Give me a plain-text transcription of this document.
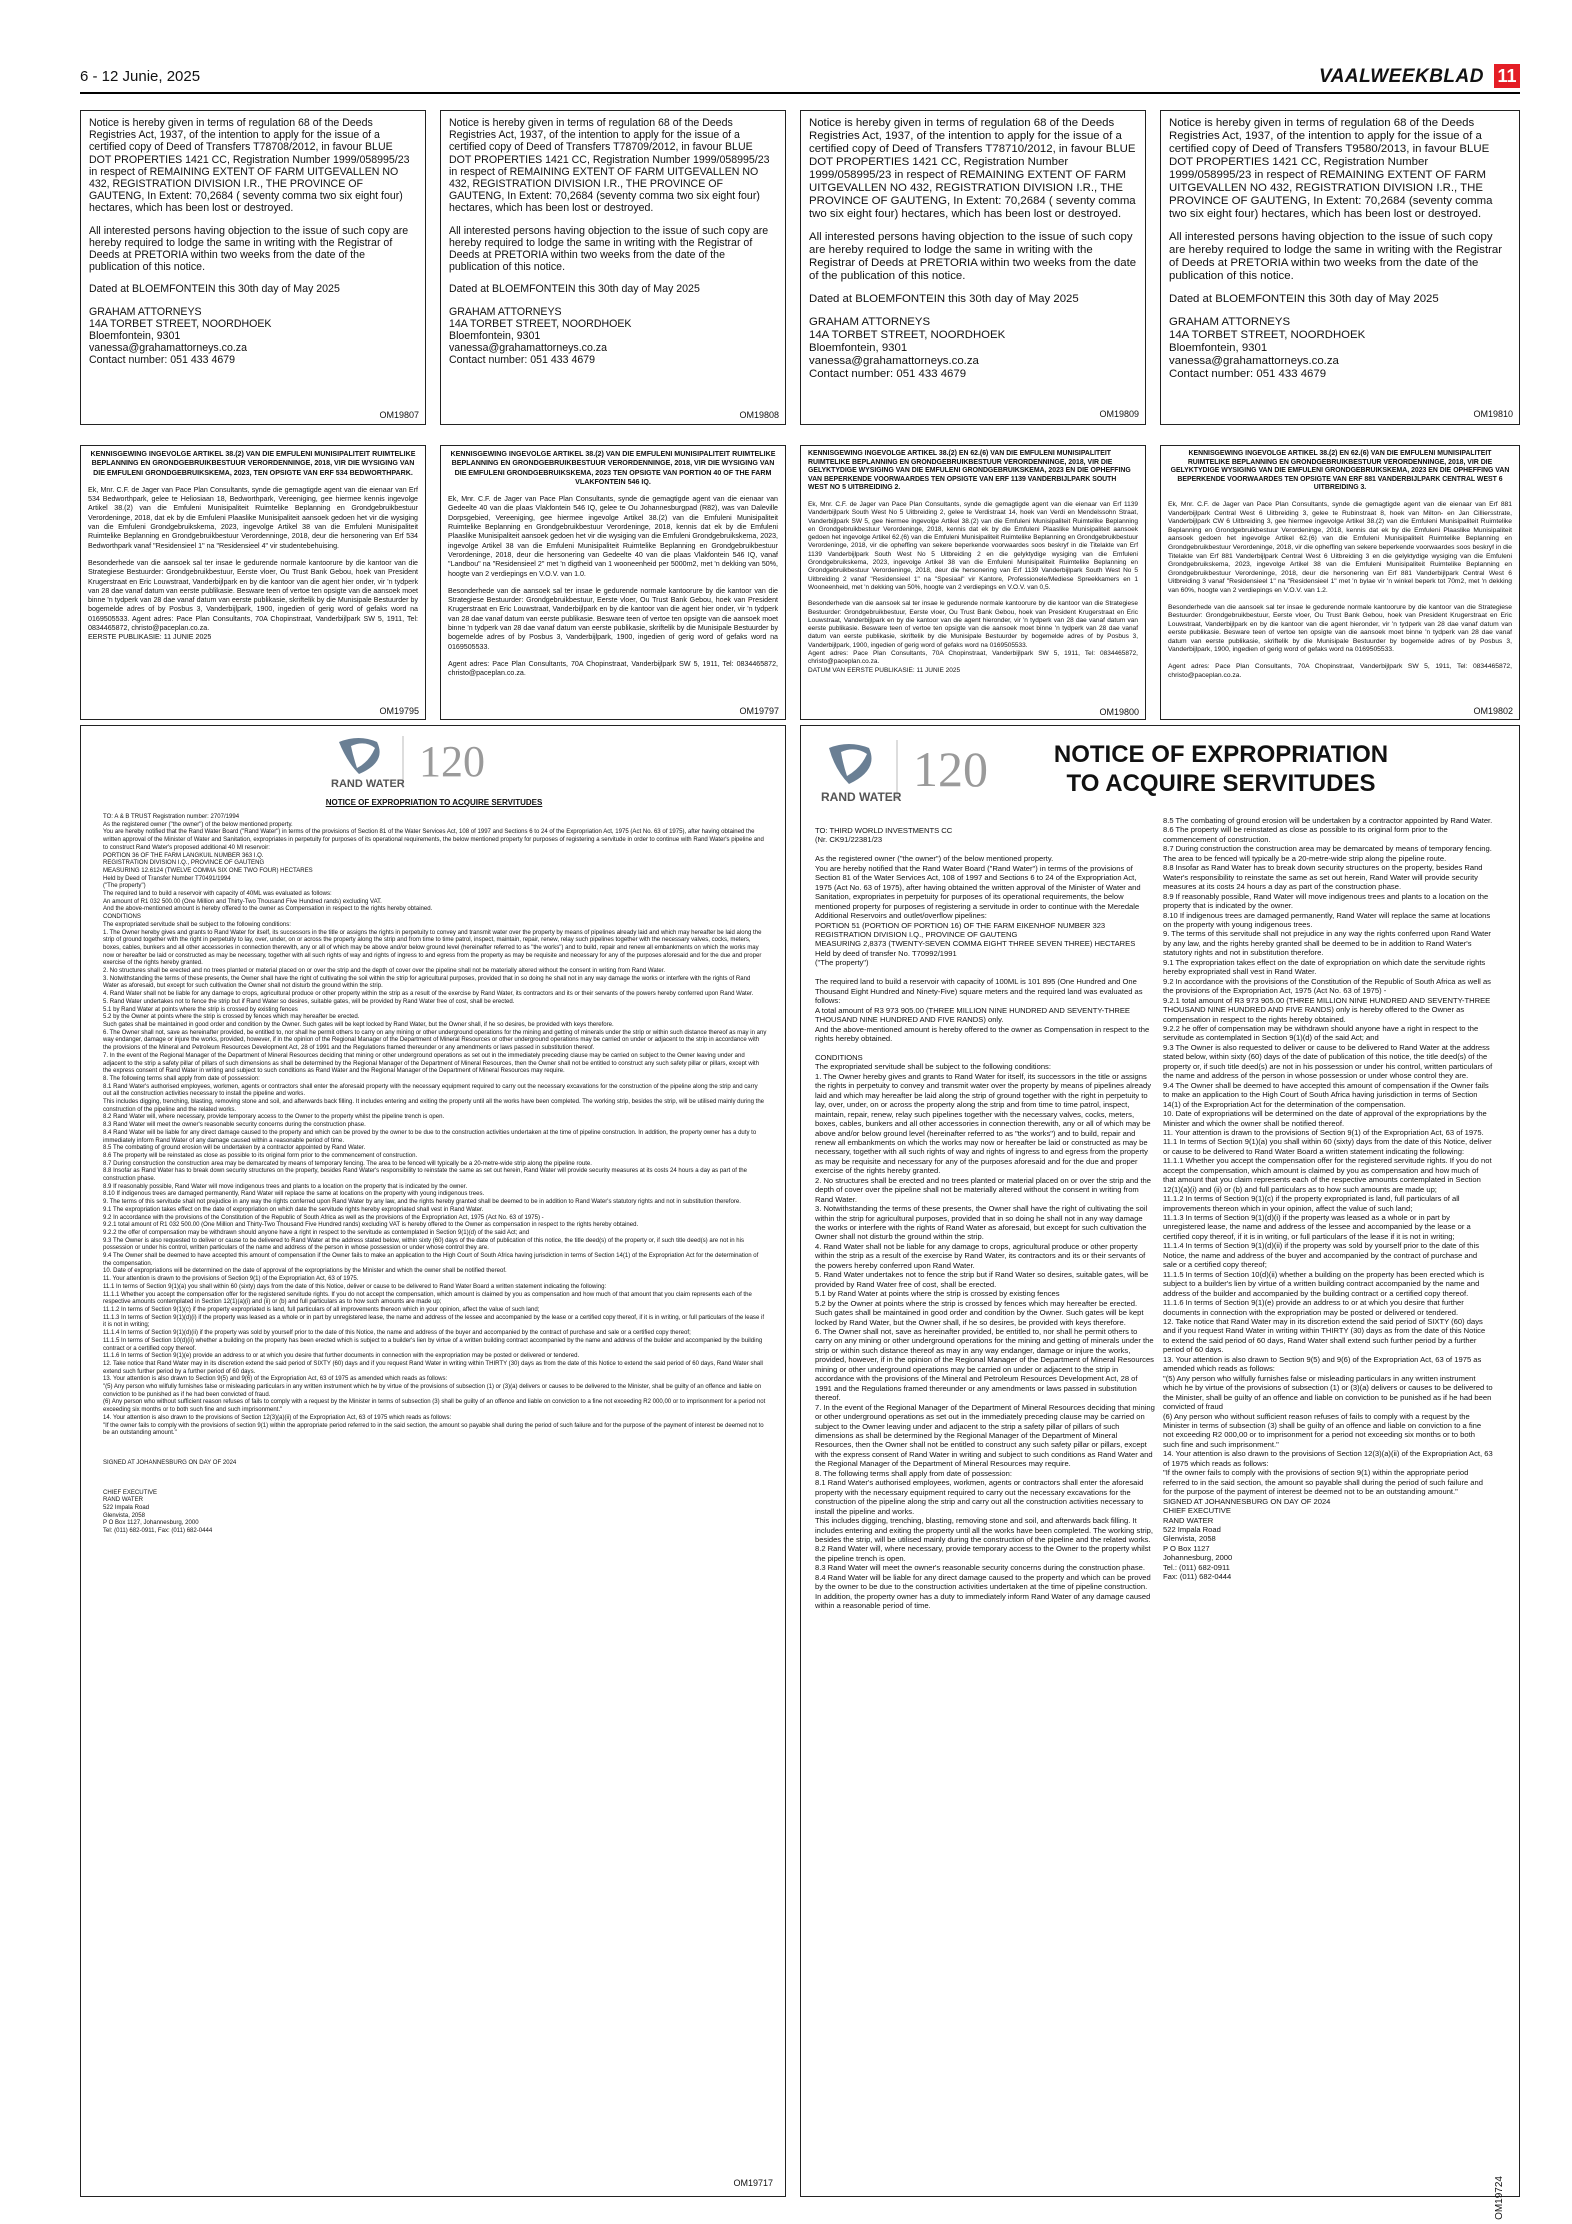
6 - 12 Junie, 2025	VAALWEEKBLAD 11

Notice is hereby given in terms of regulation 68 of the Deeds Registries Act, 1937, of the intention to apply for the issue of a certified copy of Deed of Transfers T78708/2012, in favour BLUE DOT PROPERTIES 1421 CC, Registration Number 1999/058995/23 in respect of REMAINING EXTENT OF FARM UITGEVALLEN NO 432, REGISTRATION DIVISION I.R., THE PROVINCE OF GAUTENG, In Extent: 70,2684 ( seventy comma two six eight four) hectares, which has been lost or destroyed.

All interested persons having objection to the issue of such copy are hereby required to lodge the same in writing with the Registrar of Deeds at PRETORIA within two weeks from the date of the publication of this notice.

Dated at BLOEMFONTEIN this 30th day of May 2025

GRAHAM ATTORNEYS
14A TORBET STREET, NOORDHOEK
Bloemfontein, 9301
vanessa@grahamattorneys.co.za
Contact number: 051 433 4679

OM19807

Notice is hereby given in terms of regulation 68 of the Deeds Registries Act, 1937, of the intention to apply for the issue of a certified copy of Deed of Transfers T78709/2012, in favour BLUE DOT PROPERTIES 1421 CC, Registration Number 1999/058995/23 in respect of REMAINING EXTENT OF FARM UITGEVALLEN NO 432, REGISTRATION DIVISION I.R., THE PROVINCE OF GAUTENG, In Extent: 70,2684 (seventy comma two six eight four) hectares, which has been lost or destroyed.

All interested persons having objection to the issue of such copy are hereby required to lodge the same in writing with the Registrar of Deeds at PRETORIA within two weeks from the date of the publication of this notice.

Dated at BLOEMFONTEIN this 30th day of May 2025

GRAHAM ATTORNEYS
14A TORBET STREET, NOORDHOEK
Bloemfontein, 9301
vanessa@grahamattorneys.co.za
Contact number: 051 433 4679

OM19808

Notice is hereby given in terms of regulation 68 of the Deeds Registries Act, 1937, of the intention to apply for the issue of a certified copy of Deed of Transfers T78710/2012, in favour BLUE DOT PROPERTIES 1421 CC, Registration Number 1999/058995/23 in respect of REMAINING EXTENT OF FARM UITGEVALLEN NO 432, REGISTRATION DIVISION I.R., THE PROVINCE OF GAUTENG, In Extent: 70,2684 ( seventy comma two six eight four) hectares, which has been lost or destroyed.

All interested persons having objection to the issue of such copy are hereby required to lodge the same in writing with the Registrar of Deeds at PRETORIA within two weeks from the date of the publication of this notice.

Dated at BLOEMFONTEIN this 30th day of May 2025

GRAHAM ATTORNEYS
14A TORBET STREET, NOORDHOEK
Bloemfontein, 9301
vanessa@grahamattorneys.co.za
Contact number: 051 433 4679

OM19809

Notice is hereby given in terms of regulation 68 of the Deeds Registries Act, 1937, of the intention to apply for the issue of a certified copy of Deed of Transfers T9580/2013, in favour BLUE DOT PROPERTIES 1421 CC, Registration Number 1999/058995/23 in respect of REMAINING EXTENT OF FARM UITGEVALLEN NO 432, REGISTRATION DIVISION I.R., THE PROVINCE OF GAUTENG, In Extent: 70,2684 (seventy comma two six eight four) hectares, which has been lost or destroyed.

All interested persons having objection to the issue of such copy are hereby required to lodge the same in writing with the Registrar of Deeds at PRETORIA within two weeks from the date of the publication of this notice.

Dated at BLOEMFONTEIN this 30th day of May 2025

GRAHAM ATTORNEYS
14A TORBET STREET, NOORDHOEK
Bloemfontein, 9301
vanessa@grahamattorneys.co.za
Contact number: 051 433 4679

OM19810
KENNISGEWING INGEVOLGE ARTIKEL 38.(2) VAN DIE EMFULENI MUNISIPALITEIT RUIMTELIKE BEPLANNING EN GRONDGEBRUIKBESTUUR VERORDENNINGE, 2018, VIR DIE WYSIGING VAN DIE EMFULENI GRONDGEBRUIKSKEMA, 2023, TEN OPSIGTE VAN ERF 534 BEDWORTHPARK.

Ek, Mnr. C.F. de Jager van Pace Plan Consultants, synde die gemagtigde agent van die eienaar van Erf 534 Bedworthpark, gelee te Heliosiaan 18, Bedworthpark, Vereeniging, gee hiermee kennis ingevolge Artikel 38.(2) van die Emfuleni Munisipaliteit Ruimtelike Beplanning en Grondgebruikbestuur Verordeninge, 2018, dat ek by die Emfuleni Plaaslike Munisipaliteit aansoek gedoen het vir die wysiging van die Emfuleni Grondgebruikskema, 2023, ingevolge Artikel 38 van die Emfuleni Munisipaliteit Ruimtelike Beplanning en Grondgebruikbestuur Verordenninge, 2018, deur die hersonering van Erf 534 Bedworthpark vanaf "Residensieel 1" na "Residensieel 4" vir studentebehuising.

Besonderhede van die aansoek sal ter insae le gedurende normale kantoorure by die kantoor van die Strategiese Bestuurder: Grondgebruikbestuur, Eerste vloer, Ou Trust Bank Gebou, hoek van President Krugerstraat en Eric Louwstraat, Vanderbijlpark en by die kantoor van die agent hier onder, vir 'n tydperk van 28 dae vanaf datum van eerste publikasie. Besware teen of vertoe ten opsigte van die aansoek moet binne 'n tydperk van 28 dae vanaf datum van eerste publikasie, skriftelik by die Munisipale Bestuurder by bogemelde adres of by Posbus 3, Vanderbijlpark, 1900, ingedien of gerig word of gefaks word na 0169505533. Agent adres: Pace Plan Consultants, 70A Chopinstraat, Vanderbijlpark SW 5, 1911, Tel: 0834465872, christo@paceplan.co.za.
EERSTE PUBLIKASIE: 11 JUNIE 2025

OM19795
KENNISGEWING INGEVOLGE ARTIKEL 38.(2) VAN DIE EMFULENI MUNISIPALITEIT RUIMTELIKE BEPLANNING EN GRONDGEBRUIKBESTUUR VERORDENNINGE, 2018, VIR DIE WYSIGING VAN DIE EMFULENI GRONDGEBRUIKSKEMA, 2023 TEN OPSIGTE VAN PORTION 40 OF THE FARM VLAKFONTEIN 546 IQ.

Ek, Mnr. C.F. de Jager van Pace Plan Consultants, synde die gemagtigde agent van die eienaar van Gedeelte 40 van die plaas Vlakfontein 546 IQ, gelee te Ou Johannesburgpad (R82), was van Daleville Dorpsgebied, Vereeniging, gee hiermee ingevolge Artikel 38.(2) van die Emfuleni Munisipaliteit Ruimtelike Beplanning en Grondgebruikbestuur Verordeninge, 2018, kennis dat ek by die Emfuleni Plaaslike Munisipaliteit aansoek gedoen het vir die wysiging van die Emfuleni Grondgebruikskema, 2023, ingevolge Artikel 38 van die Emfuleni Munisipaliteit Ruimtelike Beplanning en Grondgebruikbestuur Verordeninge, 2018, deur die hersonering van Gedeelte 40 van die plaas Vlakfontein 546 IQ, vanaf "Landbou" na "Residensieel 2" met 'n digtheid van 1 wooneenheid per 5000m2, met 'n dekking van 50%, hoogte van 2 verdiepings en V.O.V. van 1.0.

Besonderhede van die aansoek sal ter insae le gedurende normale kantoorure by die kantoor van die Strategiese Bestuurder: Grondgebruikbestuur, Eerste vloer, Ou Trust Bank Gebou, hoek van President Krugerstraat en Eric Louwstraat, Vanderbijlpark en by die kantoor van die agent hier onder, vir 'n tydperk van 28 dae vanaf datum van eerste publikasie. Besware teen of vertoe ten opsigte van die aansoek moet binne 'n tydperk van 28 dae vanaf datum van eerste publikasie, skriftelik by die Munisipale Bestuurder by bogemelde adres of by Posbus 3, Vanderbijlpark, 1900, ingedien of gerig word of gefaks word na 0169505533.

Agent adres: Pace Plan Consultants, 70A Chopinstraat, Vanderbijlpark SW 5, 1911, Tel: 0834465872, christo@paceplan.co.za.

OM19797
KENNISGEWING INGEVOLGE ARTIKEL 38.(2) EN 62.(6) VAN DIE EMFULENI MUNISIPALITEIT RUIMTELIKE BEPLANNING EN GRONDGEBRUIKBESTUUR VERORDENNINGE, 2018, VIR DIE GELYKTYDIGE WYSIGING VAN DIE EMFULENI GRONDGEBRUIKSKEMA, 2023 EN DIE OPHEFFING VAN BEPERKENDE VOORWAARDES TEN OPSIGTE VAN ERF 1139 VANDERBIJLPARK SOUTH WEST NO 5 UITBREIDING 2.

Ek, Mnr. C.F. de Jager van Pace Plan Consultants, synde die gemagtigde agent van die eienaar van Erf 1139 Vanderbijlpark South West No 5 Uitbreiding 2, gelee te Verdistraat 14, hoek van Verdi en Mendelssohn Straat, Vanderbijlpark SW 5, gee hiermee ingevolge Artikel 38.(2) van die Emfuleni Munisipaliteit Ruimtelike Beplanning en Grondgebruikbestuur Verordeninge, 2018, kennis dat ek by die Emfuleni Plaaslike Munisipaliteit aansoek gedoen het ingevolge Artikel 62.(6) van die Emfuleni Munisipaliteit Ruimtelike Beplanning en Grondgebruikbestuur Verordeninge, 2018, vir die opheffing van sekere beperkende voorwaardes soos beskryf in die Titelakte van Erf 1139 Vanderbijlpark South West No 5 Uitbreiding 2 en die gelyktydige wysiging van die Emfuleni Grondgebruikskema, 2023, ingevolge Artikel 38 van die Emfuleni Munisipaliteit Ruimtelike Beplanning en Grondgebruikbestuur Verordeninge, 2018, deur die hersonering van Erf 1139 Vanderbijlpark South West No 5 Uitbreiding 2 vanaf "Residensieel 1" na "Spesiaal" vir Kantore, Professionele/Mediese Spreekkamers en 1 Wooneenheid, met 'n dekking van 50%, hoogte van 2 verdiepings en V.O.V. van 0,5.

Besonderhede van die aansoek sal ter insae le gedurende normale kantoorure by die kantoor van die Strategiese Bestuurder: Grondgebruikbestuur, Eerste vloer, Ou Trust Bank Gebou, hoek van President Krugerstraat en Eric Louwstraat, Vanderbijlpark en by die kantoor van die agent hieronder, vir 'n tydperk van 28 dae vanaf datum van eerste publikasie. Besware teen of vertoe ten opsigte van die aansoek moet binne 'n tydperk van 28 dae vanaf datum van eerste publikasie, skriftelik by die Munisipale Bestuurder by bogemelde adres of by Posbus 3, Vanderbijlpark, 1900, ingedien of gerig word of gefaks word na 0169505533.
Agent adres: Pace Plan Consultants, 70A Chopinstraat, Vanderbijlpark SW 5, 1911, Tel: 0834465872, christo@paceplan.co.za.
DATUM VAN EERSTE PUBLIKASIE: 11 JUNIE 2025

OM19800
KENNISGEWING INGEVOLGE ARTIKEL 38.(2) EN 62.(6) VAN DIE EMFULENI MUNISIPALITEIT RUIMTELIKE BEPLANNING EN GRONDGEBRUIKBESTUUR VERORDENNINGE, 2018, VIR DIE GELYKTYDIGE WYSIGING VAN DIE EMFULENI GRONDGEBRUIKSKEMA, 2023 EN DIE OPHEFFING VAN BEPERKENDE VOORWAARDES TEN OPSIGTE VAN ERF 881 VANDERBIJLPARK CENTRAL WEST 6 UITBREIDING 3.

Ek, Mnr. C.F. de Jager van Pace Plan Consultants, synde die gemagtigde agent van die eienaar van Erf 881 Vanderbijlpark Central West 6 Uitbreiding 3, gelee te Rubinstraat 8, hoek van Milton- en Jan Cilliersstrate, Vanderbijlpark CW 6 Uitbreiding 3, gee hiermee ingevolge Artikel 38.(2) van die Emfuleni Munisipaliteit Ruimtelike Beplanning en Grondgebruikbestuur Verordeninge, 2018, kennis dat ek by die Emfuleni Plaaslike Munisipaliteit aansoek gedoen het ingevolge Artikel 62.(6) van die Emfuleni Munisipaliteit Ruimtelike Beplanning en Grondgebruikbestuur Verordeninge, 2018, vir die opheffing van sekere beperkende voorwaardes soos beskryf in die Titelakte van Erf 881 Vanderbijlpark Central West 6 Uitbreiding 3 en die gelyktydige wysiging van die Emfuleni Grondgebruikskema, 2023, ingevolge Artikel 38 van die Emfuleni Munisipaliteit Ruimtelike Beplanning en Grondgebruikbestuur Verordeninge, 2018, deur die hersonering van Erf 881 Vanderbijlpark Central West 6 Uitbreiding 3 vanaf "Residensieel 1" na "Residensieel 1" met 'n bylae vir 'n winkel beperk tot 70m2, met 'n dekking van 60%, hoogte van 2 verdiepings en V.O.V. van 1.2.

Besonderhede van die aansoek sal ter insae le gedurende normale kantoorure by die kantoor van die Strategiese Bestuurder: Grondgebruikbestuur, Eerste vloer, Ou Trust Bank Gebou, hoek van President Krugerstraat en Eric Louwstraat, Vanderbijlpark en by die kantoor van die agent hieronder, vir 'n tydperk van 28 dae vanaf datum van eerste publikasie. Besware teen of vertoe ten opsigte van die aansoek moet binne 'n tydperk van 28 dae vanaf datum van eerste publikasie, skriftelik by die Munisipale Bestuurder by bogemelde adres of by Posbus 3, Vanderbijlpark, 1900, ingedien of gerig word of gefaks word na 0169505533.

Agent adres: Pace Plan Consultants, 70A Chopinstraat, Vanderbijlpark SW 5, 1911, Tel: 0834465872, christo@paceplan.co.za.

OM19802
120
RAND WATER
NOTICE OF EXPROPRIATION TO ACQUIRE SERVITUDES

TO: A & B TRUST Registration number: 2707/1994
As the registered owner ("the owner") of the below mentioned property.
You are hereby notified that the Rand Water Board ("Rand Water") in terms of the provisions of Section 81 of the Water Services Act, 108 of 1997 and Sections 6 to 24 of the Expropriation Act, 1975 (Act No. 63 of 1975), after having obtained the written approval of the Minister of Water and Sanitation, expropriates in perpetuity for purposes of its operational requirements, the below mentioned property for purposes of registering a servitude in order to continue with Rand Water's pipeline and to construct Rand Water's proposed additional 40 Ml reservoir:
PORTION 36 OF THE FARM LANGKUIL NUMBER 363 I.Q.
REGISTRATION DIVISION I.Q., PROVINCE OF GAUTENG
MEASURING 12.6124 (TWELVE COMMA SIX ONE TWO FOUR) HECTARES
Held by Deed of Transfer Number T70491/1994
("The property")
The required land to build a reservoir with capacity of 40ML was evaluated as follows:
An amount of R1 032 500.00 (One Million and Thirty-Two Thousand Five Hundred rands) excluding VAT.
And the above-mentioned amount is hereby offered to the owner as Compensation in respect to the rights hereby obtained.
CONDITIONS
The expropriated servitude shall be subject to the following conditions:
1. The Owner hereby gives and grants to Rand Water for itself, its successors in the title or assigns the rights in perpetuity to convey and transmit water over the property by means of pipelines already laid and which may hereafter be laid along the strip of ground together with the right in perpetuity to lay, over, under, on or across the property along the strip and from time to time patrol, inspect, maintain, repair, renew, relay such pipelines together with the necessary valves, cocks, meters, boxes, cables, bunkers and all other accessories in connection therewith, any or all of which may be above and/or below ground level (hereinafter referred to as "the works") and to build, repair and renew all embankments on which the works may now or hereafter be laid or constructed as may be necessary, together with all such rights of way and rights of ingress to and egress from the property as may be requisite and necessary for any of the purposes aforesaid and for the due and proper exercise of the rights hereby granted.
2. No structures shall be erected and no trees planted or material placed on or over the strip and the depth of cover over the pipeline shall not be materially altered without the consent in writing from Rand Water.
3. Notwithstanding the terms of these presents, the Owner shall have the right of cultivating the soil within the strip for agricultural purposes, provided that in so doing he shall not in any way damage the works or interfere with the rights of Rand Water as aforesaid, but except for such cultivation the Owner shall not disturb the ground within the strip.
4. Rand Water shall not be liable for any damage to crops, agricultural produce or other property within the strip as a result of the exercise by Rand Water, its contractors and its or their servants of the powers hereby conferred upon Rand Water.
5. Rand Water undertakes not to fence the strip but if Rand Water so desires, suitable gates, will be provided by Rand Water free of cost, shall be erected.
5.1 by Rand Water at points where the strip is crossed by existing fences
5.2 by the Owner at points where the strip is crossed by fences which may hereafter be erected.
Such gates shall be maintained in good order and condition by the Owner. Such gates will be kept locked by Rand Water, but the Owner shall, if he so desires, be provided with keys therefore.
6. The Owner shall not, save as hereinafter provided, be entitled to, nor shall he permit others to carry on any mining or other underground operations for the mining and getting of minerals under the strip or within such distance thereof as may in any way endanger, damage or injure the works, provided, however, if in the opinion of the Regional Manager of the Department of Mineral Resources or other underground operations may be carried on under or adjacent to the strip in accordance with the provisions of the Mineral and Petroleum Resources Development Act, 28 of 1991 and the Regulations framed thereunder or any amendments or laws passed in substitution thereof.
7. In the event of the Regional Manager of the Department of Mineral Resources deciding that mining or other underground operations as set out in the immediately preceding clause may be carried on subject to the Owner leaving under and adjacent to the strip a safety pillar of pillars of such dimensions as shall be determined by the Regional Manager of the Department of Mineral Resources, then the Owner shall not be entitled to construct any such safety pillar or pillars, except with the express consent of Rand Water in writing and subject to such conditions as Rand Water and the Regional Manager of the Department of Mineral Resources may require.
8. The following terms shall apply from date of possession:
8.1 Rand Water's authorised employees, workmen, agents or contractors shall enter the aforesaid property with the necessary equipment required to carry out the necessary excavations for the construction of the pipeline along the strip and carry out all the construction activities necessary to install the pipeline and works.
This includes digging, trenching, blasting, removing stone and soil, and afterwards back filling. It includes entering and exiting the property until all the works have been completed. The working strip, besides the strip, will be utilised mainly during the construction of the pipeline and the related works.
8.2 Rand Water will, where necessary, provide temporary access to the Owner to the property whilst the pipeline trench is open.
8.3 Rand Water will meet the owner's reasonable security concerns during the construction phase.
8.4 Rand Water will be liable for any direct damage caused to the property and which can be proved by the owner to be due to the construction activities undertaken at the time of pipeline construction. In addition, the property owner has a duty to immediately inform Rand Water of any damage caused within a reasonable period of time.
8.5 The combating of ground erosion will be undertaken by a contractor appointed by Rand Water.
8.6 The property will be reinstated as close as possible to its original form prior to the commencement of construction.
8.7 During construction the construction area may be demarcated by means of temporary fencing. The area to be fenced will typically be a 20-metre-wide strip along the pipeline route.
8.8 Insofar as Rand Water has to break down security structures on the property, besides Rand Water's responsibility to reinstate the same as set out herein, Rand Water will provide security measures at its costs 24 hours a day as part of the construction phase.
8.9 If reasonably possible, Rand Water will move indigenous trees and plants to a location on the property that is indicated by the owner.
8.10 If indigenous trees are damaged permanently, Rand Water will replace the same at locations on the property with young indigenous trees.
9. The terms of this servitude shall not prejudice in any way the rights conferred upon Rand Water by any law, and the rights hereby granted shall be deemed to be in addition to Rand Water's statutory rights and not in substitution therefore.
9.1 The expropriation takes effect on the date of expropriation on which date the servitude rights hereby expropriated shall vest in Rand Water.
9.2 In accordance with the provisions of the Constitution of the Republic of South Africa as well as the provisions of the Expropriation Act, 1975 (Act No. 63 of 1975) -
9.2.1 total amount of R1 032 500.00 (One Million and Thirty-Two Thousand Five Hundred rands) excluding VAT is hereby offered to the Owner as compensation in respect to the rights hereby obtained.
9.2.2 the offer of compensation may be withdrawn should anyone have a right in respect to the servitude as contemplated in Section 9(1)(d) of the said Act; and
9.3 The Owner is also requested to deliver or cause to be delivered to Rand Water at the address stated below, within sixty (60) days of the date of publication of this notice, the title deed(s) of the property or, if such title deed(s) are not in his possession or under his control, written particulars of the name and address of the person in whose possession or under whose control they are.
9.4 The Owner shall be deemed to have accepted this amount of compensation if the Owner fails to make an application to the High Court of South Africa having jurisdiction in terms of Section 14(1) of the Expropriation Act for the determination of the compensation.
10. Date of expropriations will be determined on the date of approval of the expropriations by the Minister and which the owner shall be notified thereof.
11. Your attention is drawn to the provisions of Section 9(1) of the Expropriation Act, 63 of 1975.
11.1 In terms of Section 9(1)(a) you shall within 60 (sixty) days from the date of this Notice, deliver or cause to be delivered to Rand Water Board a written statement indicating the following:
11.1.1 Whether you accept the compensation offer for the registered servitude rights. If you do not accept the compensation, which amount is claimed by you as compensation and how much of that amount that you claim represents each of the respective amounts contemplated in Section 12(1)(a)(i) and (ii) or (b) and full particulars as to how such amounts are made up;
11.1.2 In terms of Section 9(1)(c) if the property expropriated is land, full particulars of all improvements thereon which in your opinion, affect the value of such land;
11.1.3 In terms of Section 9(1)(d)(i) if the property was leased as a whole or in part by unregistered lease, the name and address of the lessee and accompanied by the lease or a certified copy thereof, if it is in writing, or full particulars of the lease if it is not in writing;
11.1.4 In terms of Section 9(1)(d)(ii) if the property was sold by yourself prior to the date of this Notice, the name and address of the buyer and accompanied by the contract of purchase and sale or a certified copy thereof;
11.1.5 In terms of Section 10(d)(ii) whether a building on the property has been erected which is subject to a builder's lien by virtue of a written building contract accompanied by the name and address of the builder and accompanied by the building contract or a certified copy thereof.
11.1.6 In terms of Section 9(1)(e) provide an address to or at which you desire that further documents in connection with the expropriation may be posted or delivered or tendered.
12. Take notice that Rand Water may in its discretion extend the said period of SIXTY (60) days and if you request Rand Water in writing within THIRTY (30) days as from the date of this Notice to extend the said period of 60 days, Rand Water shall extend such further period by a further period of 60 days.
13. Your attention is also drawn to Section 9(5) and 9(6) of the Expropriation Act, 63 of 1975 as amended which reads as follows:
"(5) Any person who wilfully furnishes false or misleading particulars in any written instrument which he by virtue of the provisions of subsection (1) or (3)(a) delivers or causes to be delivered to the Minister, shall be guilty of an offence and liable on conviction to be punished as if he had been convicted of fraud.
(6) Any person who without sufficient reason refuses of fails to comply with a request by the Minister in terms of subsection (3) shall be guilty of an offence and liable on conviction to a fine not exceeding R2 000,00 or to imprisonment for a period not exceeding six months or to both such fine and such imprisonment."
14. Your attention is also drawn to the provisions of Section 12(3)(a)(ii) of the Expropriation Act, 63 of 1975 which reads as follows:
"If the owner fails to comply with the provisions of section 9(1) within the appropriate period referred to in the said section, the amount so payable shall during the period of such failure and for the purpose of the payment of interest be deemed not to be an outstanding amount."

SIGNED AT JOHANNESBURG ON DAY OF 2024

CHIEF EXECUTIVE
RAND WATER
522 Impala Road
Glenvista, 2058
P O Box 1127, Johannesburg, 2000
Tel: (011) 682-0911, Fax: (011) 682-0444

OM19717
120
RAND WATER
NOTICE OF EXPROPRIATION TO ACQUIRE SERVITUDES

TO: THIRD WORLD INVESTMENTS CC
(Nr. CK91/22381/23

As the registered owner ("the owner") of the below mentioned property.
You are hereby notified that the Rand Water Board ("Rand Water") in terms of the provisions of Section 81 of the Water Services Act, 108 of 1997 and Sections 6 to 24 of the Expropriation Act, 1975 (Act No. 63 of 1975), after having obtained the written approval of the Minister of Water and Sanitation, expropriates in perpetuity for purposes of its operational requirements, the below mentioned property for purposes of registering a servitude in order to continue with the Meredale Additional Reservoirs and outlet/overflow pipelines:
PORTION 51 (PORTION OF PORTION 16) OF THE FARM EIKENHOF NUMBER 323
REGISTRATION DIVISION I.Q., PROVINCE OF GAUTENG
MEASURING 2,8373 (TWENTY-SEVEN COMMA EIGHT THREE SEVEN THREE) HECTARES
Held by deed of transfer No. T70992/1991
("The property")

The required land to build a reservoir with capacity of 100ML is 101 895 (One Hundred and One Thousand Eight Hundred and Ninety-Five) square meters and the required land was evaluated as follows:
A total amount of R3 973 905.00 (THREE MILLION NINE HUNDRED AND SEVENTY-THREE THOUSAND NINE HUNDRED AND FIVE RANDS) only.
And the above-mentioned amount is hereby offered to the owner as Compensation in respect to the rights hereby obtained.

CONDITIONS
The expropriated servitude shall be subject to the following conditions:
1. The Owner hereby gives and grants to Rand Water for itself, its successors in the title or assigns the rights in perpetuity to convey and transmit water over the property by means of pipelines already laid and which may hereafter be laid along the strip of ground together with the right in perpetuity to lay, over, under, on or across the property along the strip and from time to time patrol, inspect, maintain, repair, renew, relay such pipelines together with the necessary valves, cocks, meters, boxes, cables, bunkers and all other accessories in connection therewith, any or all of which may be above and/or below ground level (hereinafter referred to as "the works") and to build, repair and renew all embankments on which the works may now or hereafter be laid or constructed as may be necessary, together with all such rights of way and rights of ingress to and egress from the property as may be requisite and necessary for any of the purposes aforesaid and for the due and proper exercise of the rights hereby granted.
2. No structures shall be erected and no trees planted or material placed on or over the strip and the depth of cover over the pipeline shall not be materially altered without the consent in writing from Rand Water.
3. Notwithstanding the terms of these presents, the Owner shall have the right of cultivating the soil within the strip for agricultural purposes, provided that in so doing he shall not in any way damage the works or interfere with the rights of Rand Water as aforesaid, but except for such cultivation the Owner shall not disturb the ground within the strip.
4. Rand Water shall not be liable for any damage to crops, agricultural produce or other property within the strip as a result of the exercise by Rand Water, its contractors and its or their servants of the powers hereby conferred upon Rand Water.
5. Rand Water undertakes not to fence the strip but if Rand Water so desires, suitable gates, will be provided by Rand Water free of cost, shall be erected.
5.1 by Rand Water at points where the strip is crossed by existing fences
5.2 by the Owner at points where the strip is crossed by fences which may hereafter be erected.
Such gates shall be maintained in good order and condition by the Owner. Such gates will be kept locked by Rand Water, but the Owner shall, if he so desires, be provided with keys therefore.
6. The Owner shall not, save as hereinafter provided, be entitled to, nor shall he permit others to carry on any mining or other underground operations for the mining and getting of minerals under the strip or within such distance thereof as may in any way endanger, damage or injure the works, provided, however, if in the opinion of the Regional Manager of the Department of Mineral Resources mining or other underground operations may be carried on under or adjacent to the strip in accordance with the provisions of the Mineral and Petroleum Resources Development Act, 28 of 1991 and the Regulations framed thereunder or any amendments or laws passed in substitution thereof.
7. In the event of the Regional Manager of the Department of Mineral Resources deciding that mining or other underground operations as set out in the immediately preceding clause may be carried on subject to the Owner leaving under and adjacent to the strip a safety pillar of pillars of such dimensions as shall be determined by the Regional Manager of the Department of Mineral Resources, then the Owner shall not be entitled to construct any such safety pillar or pillars, except with the express consent of Rand Water in writing and subject to such conditions as Rand Water and the Regional Manager of the Department of Mineral Resources may require.
8. The following terms shall apply from date of possession:
8.1 Rand Water's authorised employees, workmen, agents or contractors shall enter the aforesaid property with the necessary equipment required to carry out the necessary excavations for the construction of the pipeline along the strip and carry out all the construction activities necessary to install the pipeline and works.
This includes digging, trenching, blasting, removing stone and soil, and afterwards back filling. It includes entering and exiting the property until all the works have been completed. The working strip, besides the strip, will be utilised mainly during the construction of the pipeline and the related works.
8.2 Rand Water will, where necessary, provide temporary access to the Owner to the property whilst the pipeline trench is open.
8.3 Rand Water will meet the owner's reasonable security concerns during the construction phase.
8.4 Rand Water will be liable for any direct damage caused to the property and which can be proved by the owner to be due to the construction activities undertaken at the time of pipeline construction. In addition, the property owner has a duty to immediately inform Rand Water of any damage caused within a reasonable period of time.

8.5 The combating of ground erosion will be undertaken by a contractor appointed by Rand Water.
8.6 The property will be reinstated as close as possible to its original form prior to the commencement of construction.
8.7 During construction the construction area may be demarcated by means of temporary fencing. The area to be fenced will typically be a 20-metre-wide strip along the pipeline route.
8.8 Insofar as Rand Water has to break down security structures on the property, besides Rand Water's responsibility to reinstate the same as set out herein, Rand Water will provide security measures at its costs 24 hours a day as part of the construction phase.
8.9 If reasonably possible, Rand Water will move indigenous trees and plants to a location on the property that is indicated by the owner.
8.10 If indigenous trees are damaged permanently, Rand Water will replace the same at locations on the property with young indigenous trees.
9. The terms of this servitude shall not prejudice in any way the rights conferred upon Rand Water by any law, and the rights hereby granted shall be deemed to be in addition to Rand Water's statutory rights and not in substitution therefore.
9.1 The expropriation takes effect on the date of expropriation on which date the servitude rights hereby expropriated shall vest in Rand Water.
9.2 In accordance with the provisions of the Constitution of the Republic of South Africa as well as the provisions of the Expropriation Act, 1975 (Act No. 63 of 1975) -
9.2.1 total amount of R3 973 905.00 (THREE MILLION NINE HUNDRED AND SEVENTY-THREE THOUSAND NINE HUNDRED AND FIVE RANDS) only is hereby offered to the Owner as compensation in respect to the rights hereby obtained.
9.2.2 he offer of compensation may be withdrawn should anyone have a right in respect to the servitude as contemplated in Section 9(1)(d) of the said Act; and
9.3 The Owner is also requested to deliver or cause to be delivered to Rand Water at the address stated below, within sixty (60) days of the date of publication of this notice, the title deed(s) of the property or, if such title deed(s) are not in his possession or under his control, written particulars of the name and address of the person in whose possession or under whose control they are.
9.4 The Owner shall be deemed to have accepted this amount of compensation if the Owner fails to make an application to the High Court of South Africa having jurisdiction in terms of Section 14(1) of the Expropriation Act for the determination of the compensation.
10. Date of expropriations will be determined on the date of approval of the expropriations by the Minister and which the owner shall be notified thereof.
11. Your attention is drawn to the provisions of Section 9(1) of the Expropriation Act, 63 of 1975.
11.1 In terms of Section 9(1)(a) you shall within 60 (sixty) days from the date of this Notice, deliver or cause to be delivered to Rand Water Board a written statement indicating the following:
11.1.1 Whether you accept the compensation offer for the registered servitude rights. If you do not accept the compensation, which amount is claimed by you as compensation and how much of that amount that you claim represents each of the respective amounts contemplated in Section 12(1)(a)(i) and (ii) or (b) and full particulars as to how such amounts are made up;
11.1.2 In terms of Section 9(1)(c) if the property expropriated is land, full particulars of all improvements thereon which in your opinion, affect the value of such land;
11.1.3 In terms of Section 9(1)(d)(i) if the property was leased as a whole or in part by unregistered lease, the name and address of the lessee and accompanied by the lease or a certified copy thereof, if it is in writing, or full particulars of the lease if it is not in writing;
11.1.4 In terms of Section 9(1)(d)(ii) if the property was sold by yourself prior to the date of this Notice, the name and address of the buyer and accompanied by the contract of purchase and sale or a certified copy thereof;
11.1.5 In terms of Section 10(d)(ii) whether a building on the property has been erected which is subject to a builder's lien by virtue of a written building contract accompanied by the name and address of the builder and accompanied by the building contract or a certified copy thereof.
11.1.6 In terms of Section 9(1)(e) provide an address to or at which you desire that further documents in connection with the expropriation may be posted or delivered or tendered.
12. Take notice that Rand Water may in its discretion extend the said period of SIXTY (60) days and if you request Rand Water in writing within THIRTY (30) days as from the date of this Notice to extend the said period of 60 days, Rand Water shall extend such further period by a further period of 60 days.
13. Your attention is also drawn to Section 9(5) and 9(6) of the Expropriation Act, 63 of 1975 as amended which reads as follows:
"(5) Any person who wilfully furnishes false or misleading particulars in any written instrument which he by virtue of the provisions of subsection (1) or (3)(a) delivers or causes to be delivered to the Minister, shall be guilty of an offence and liable on conviction to be punished as if he had been convicted of fraud
(6) Any person who without sufficient reason refuses of fails to comply with a request by the Minister in terms of subsection (3) shall be guilty of an offence and liable on conviction to a fine not exceeding R2 000,00 or to imprisonment for a period not exceeding six months or to both such fine and such imprisonment."
14. Your attention is also drawn to the provisions of Section 12(3)(a)(ii) of the Expropriation Act, 63 of 1975 which reads as follows:
"If the owner fails to comply with the provisions of section 9(1) within the appropriate period referred to in the said section, the amount so payable shall during the period of such failure and for the purpose of the payment of interest be deemed not to be an outstanding amount."
SIGNED AT JOHANNESBURG ON DAY OF 2024
CHIEF EXECUTIVE
RAND WATER
522 Impala Road
Glenvista, 2058
P O Box 1127
Johannesburg, 2000
Tel.: (011) 682-0911
Fax: (011) 682-0444

OM19724
